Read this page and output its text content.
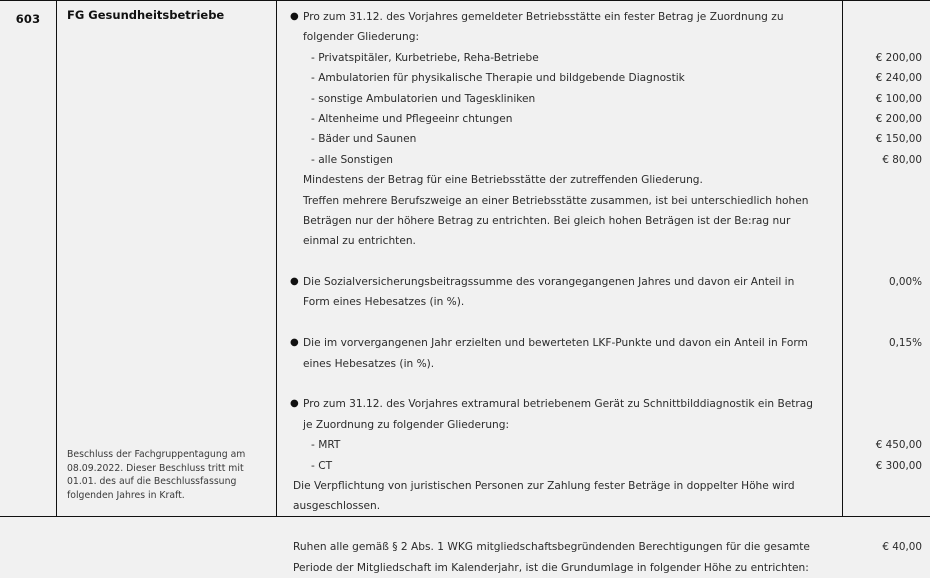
603	FG Gesundheitsbetriebe
Beschluss der Fachgruppentagung am 08.09.2022. Dieser Beschluss tritt mit 01.01. des auf die Beschlussfassung folgenden Jahres in Kraft.
● Pro zum 31.12. des Vorjahres gemeldeter Betriebsstätte ein fester Betrag je Zuordnung zu
folgender Gliederung:
- Privatspitäler, Kurbetriebe, Reha-Betriebe
- Ambulatorien für physikalische Therapie und bildgebende Diagnostik
- sonstige Ambulatorien und Tageskliniken
- Altenheime und Pflegeeinr chtungen
- Bäder und Saunen
- alle Sonstigen
Mindestens der Betrag für eine Betriebsstätte der zutreffenden Gliederung.
Treffen mehrere Berufszweige an einer Betriebsstätte zusammen, ist bei unterschiedlich hohen
Beträgen nur der höhere Betrag zu entrichten. Bei gleich hohen Beträgen ist der Be:rag nur
einmal zu entrichten.

● Die Sozialversicherungsbeitragssumme des vorangegangenen Jahres und davon eir Anteil in
Form eines Hebesatzes (in %).

● Die im vorvergangenen Jahr erzielten und bewerteten LKF-Punkte und davon ein Anteil in Form
eines Hebesatzes (in %).

● Pro zum 31.12. des Vorjahres extramural betriebenem Gerät zu Schnittbilddiagnostik ein Betrag
je Zuordnung zu folgender Gliederung:
- MRT
- CT
Die Verpflichtung von juristischen Personen zur Zahlung fester Beträge in doppelter Höhe wird
ausgeschlossen.

Ruhen alle gemäß § 2 Abs. 1 WKG mitgliedschaftsbegründenden Berechtigungen für die gesamte
Periode der Mitgliedschaft im Kalenderjahr, ist die Grundumlage in folgender Höhe zu entrichten:

€ 200,00
€ 240,00
€ 100,00
€ 200,00
€ 150,00
€ 80,00

0,00%

0,15%

€ 450,00
€ 300,00

€ 40,00
